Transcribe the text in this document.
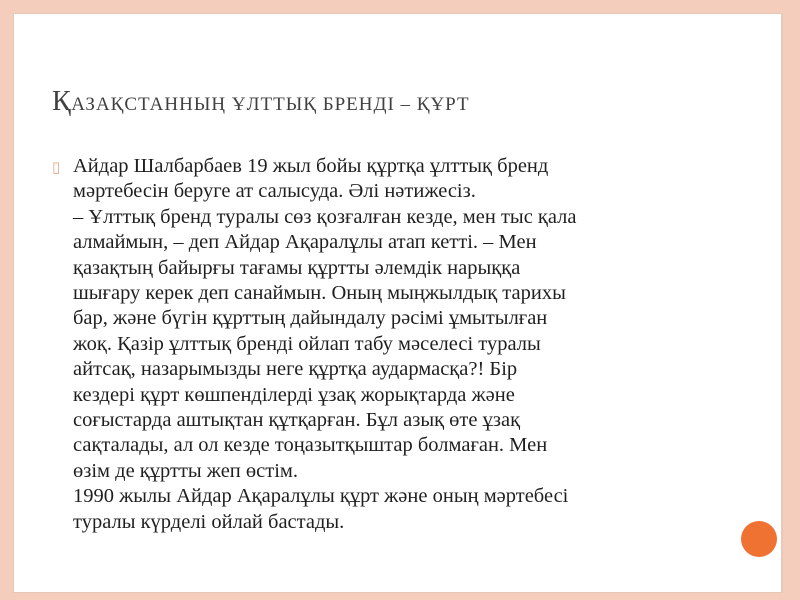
ҚАЗАҚСТАННЫҢ ҰЛТТЫҚ БРЕНДІ – ҚҰРТ
▯ Айдар Шалбарбаев 19 жыл бойы құртқа ұлттық бренд
мәртебесін беруге ат салысуда. Әлі нәтижесіз.
– Ұлттық бренд туралы сөз қозғалған кезде, мен тыс қала
алмаймын, – деп Айдар Ақаралұлы атап кетті. – Мен
қазақтың байырғы тағамы құртты әлемдік нарыққа
шығару керек деп санаймын. Оның мыңжылдық тарихы
бар, және бүгін құрттың дайындалу рәсімі ұмытылған
жоқ. Қазір ұлттық бренді ойлап табу мәселесі туралы
айтсақ, назарымызды неге құртқа аудармасқа?! Бір
кездері құрт көшпенділерді ұзақ жорықтарда және
соғыстарда аштықтан құтқарған. Бұл азық өте ұзақ
сақталады, ал ол кезде тоңазытқыштар болмаған. Мен
өзім де құртты жеп өстім.
1990 жылы Айдар Ақаралұлы құрт және оның мәртебесі
туралы күрделі ойлай бастады.
